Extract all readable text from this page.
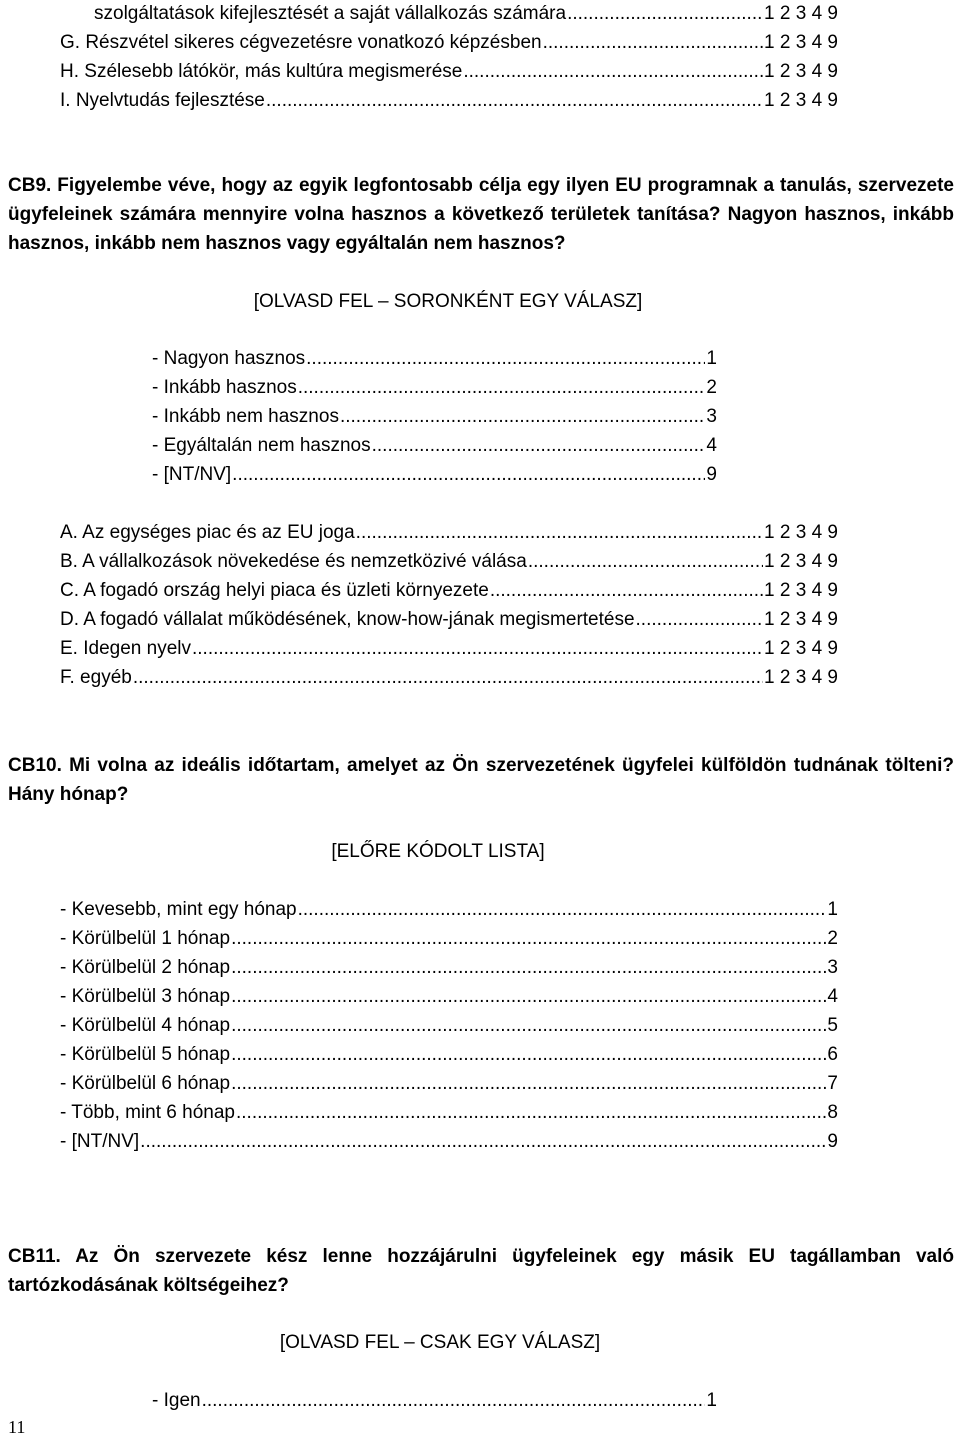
szolgáltatások kifejlesztését a saját vállalkozás számára .....	1 2 3 4 9
G. Részvétel sikeres cégvezetésre vonatkozó képzésben .....	1 2 3 4 9
H. Szélesebb látókör, más kultúra megismerése .....	1 2 3 4 9
I. Nyelvtudás fejlesztése .....	1 2 3 4 9
CB9. Figyelembe véve, hogy az egyik legfontosabb célja egy ilyen EU programnak a tanulás, szervezete ügyfeleinek számára mennyire volna hasznos a következő területek tanítása? Nagyon hasznos, inkább hasznos, inkább nem hasznos vagy egyáltalán nem hasznos?
[OLVASD FEL – SORONKÉNT EGY VÁLASZ]
- Nagyon hasznos .....	1
- Inkább hasznos .....	2
- Inkább nem hasznos .....	3
- Egyáltalán nem hasznos .....	4
- [NT/NV] .....	9
A. Az egységes piac és az EU joga .....	1 2 3 4 9
B. A vállalkozások növekedése és nemzetközivé válása .....	1 2 3 4 9
C. A fogadó ország helyi piaca és üzleti környezete .....	1 2 3 4 9
D. A fogadó vállalat működésének, know-how-jának megismertetése .....	1 2 3 4 9
E. Idegen nyelv .....	1 2 3 4 9
F. egyéb .....	1 2 3 4 9
CB10. Mi volna az ideális időtartam, amelyet az Ön szervezetének ügyfelei külföldön tudnának tölteni? Hány hónap?
[ELŐRE KÓDOLT LISTA]
- Kevesebb, mint egy hónap .....	1
- Körülbelül 1 hónap .....	2
- Körülbelül 2 hónap .....	3
- Körülbelül 3 hónap .....	4
- Körülbelül 4 hónap .....	5
- Körülbelül 5 hónap .....	6
- Körülbelül 6 hónap .....	7
- Több, mint 6 hónap .....	8
- [NT/NV] .....	9
CB11. Az Ön szervezete kész lenne hozzájárulni ügyfeleinek egy másik EU tagállamban való tartózkodásának költségeihez?
[OLVASD FEL – CSAK EGY VÁLASZ]
- Igen .....	1
11
